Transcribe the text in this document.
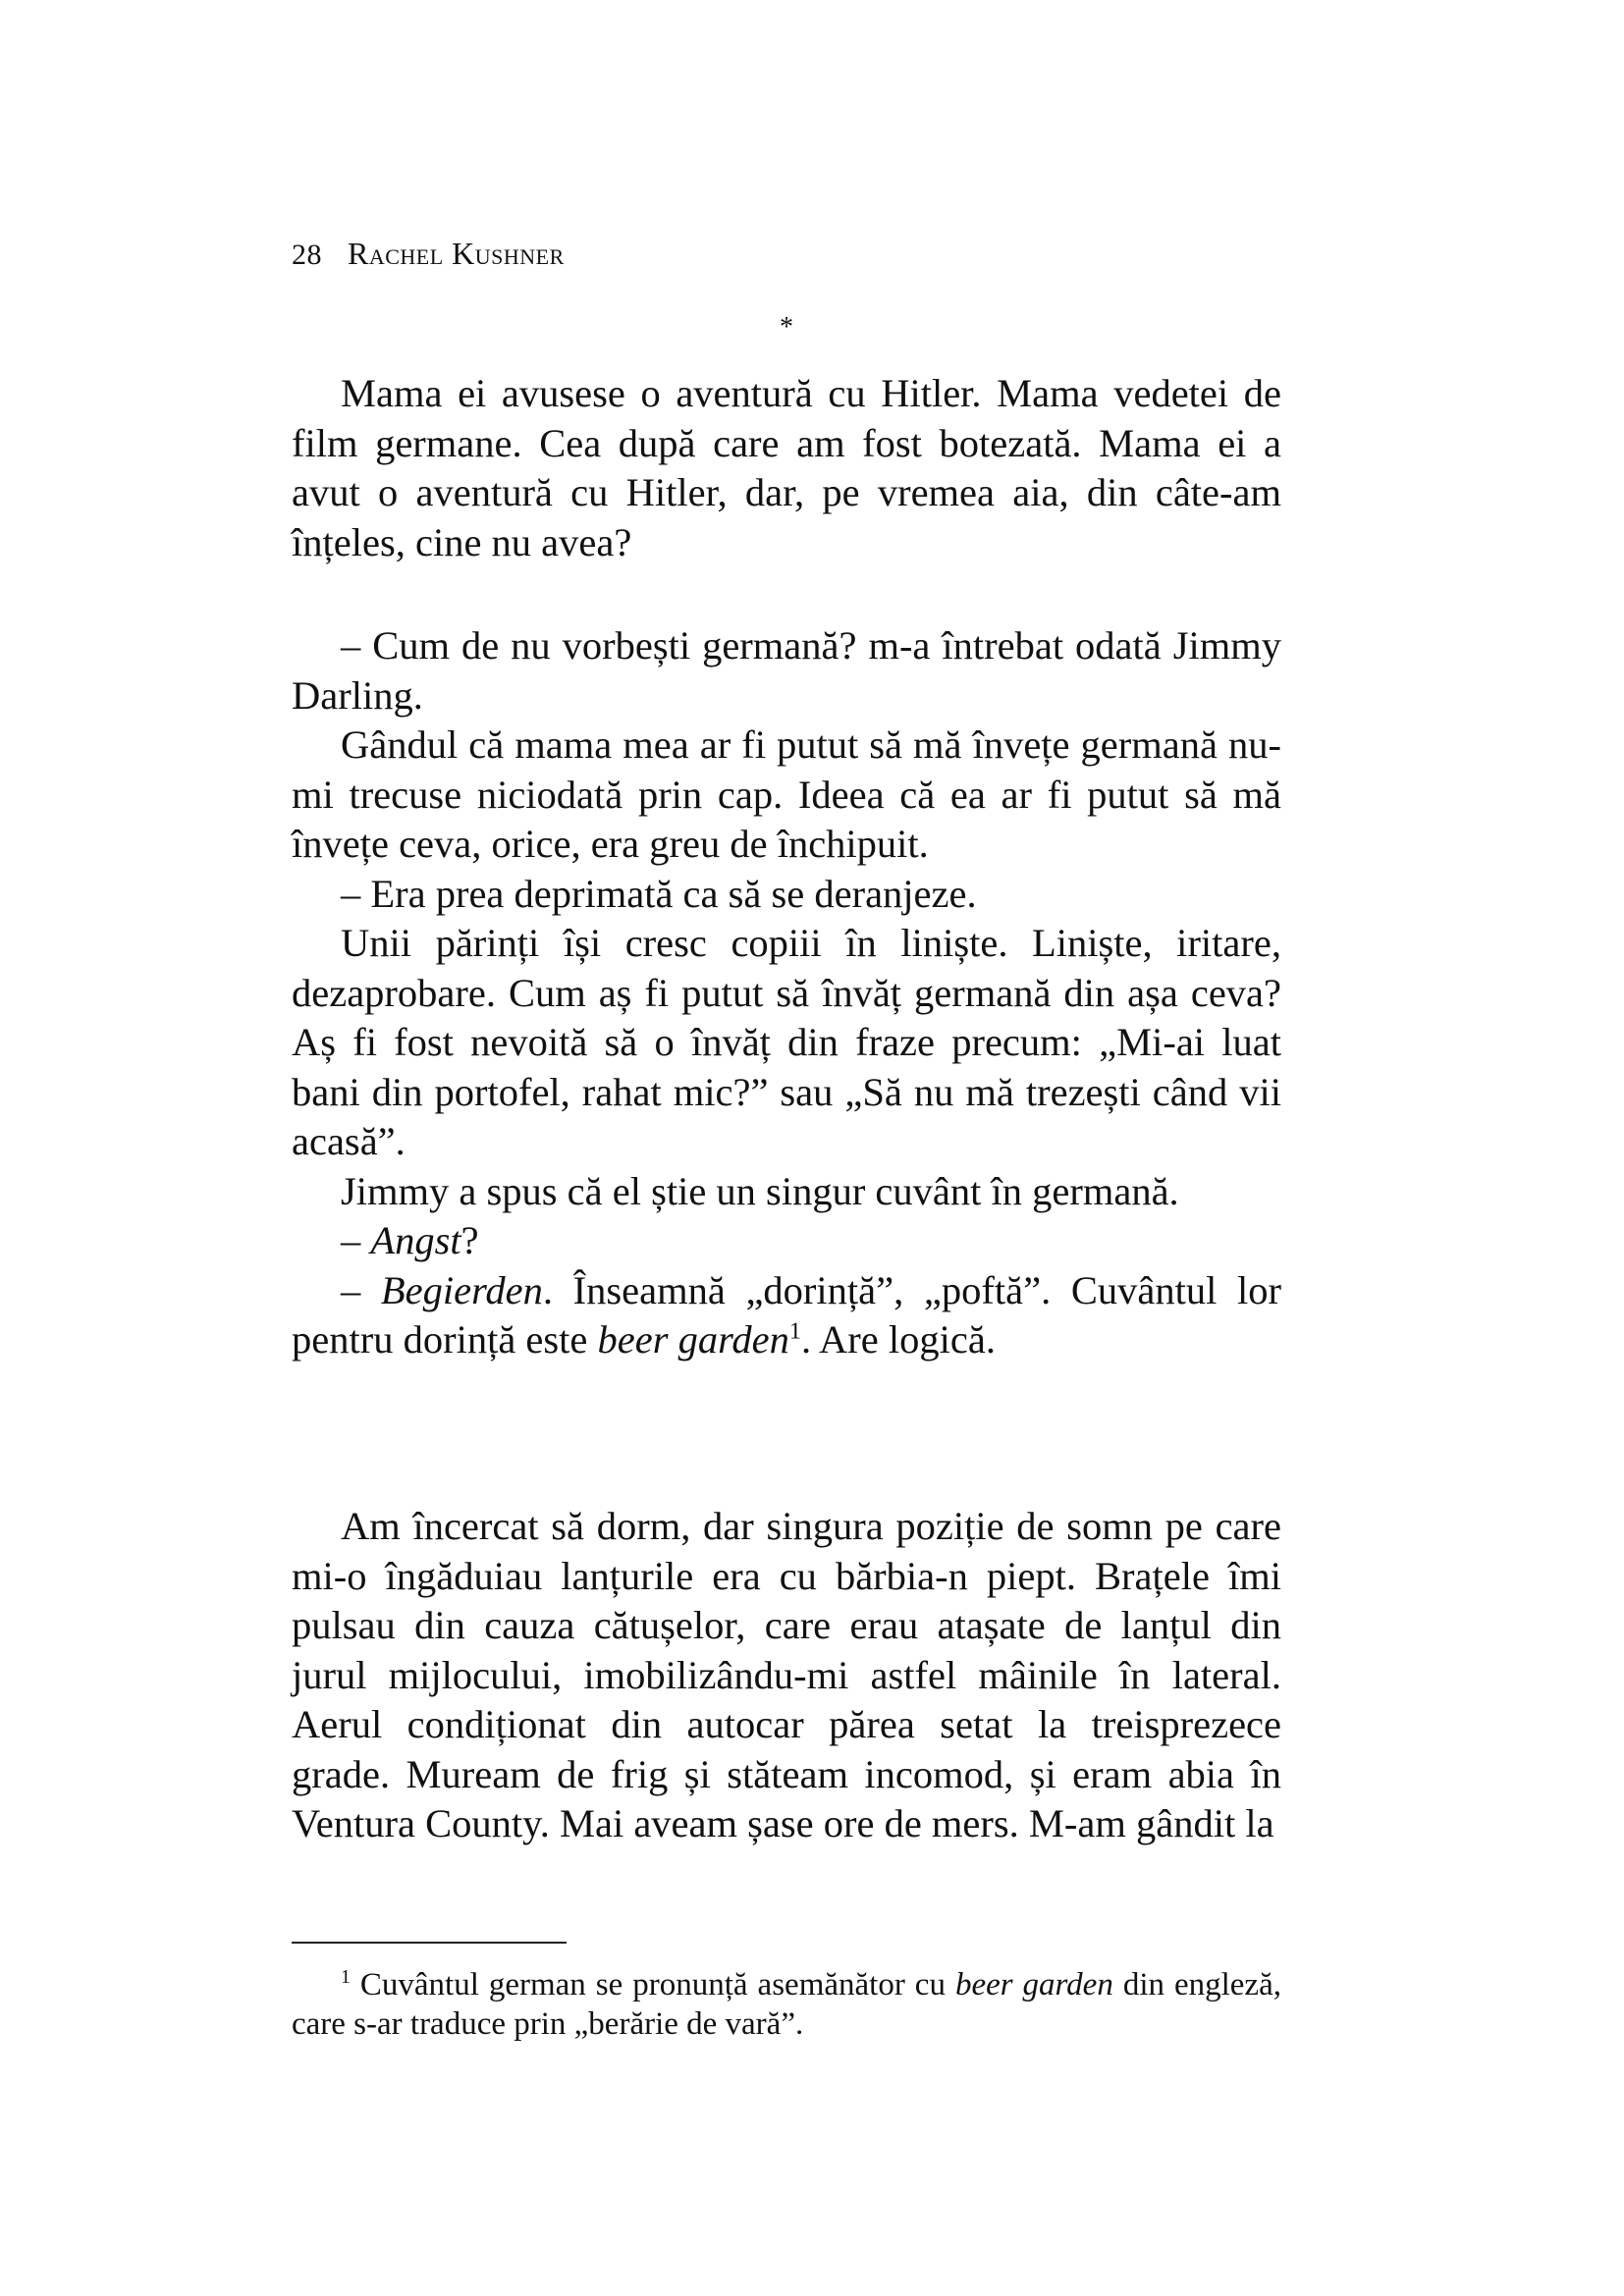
28 Rachel Kushner
*

Mama ei avusese o aventură cu Hitler. Mama vedetei de film germane. Cea după care am fost botezată. Mama ei a avut o aventură cu Hitler, dar, pe vremea aia, din câte-am înțeles, cine nu avea?

– Cum de nu vorbești germană? m-a întrebat odată Jimmy Darling.

Gândul că mama mea ar fi putut să mă învețe germană nu-mi trecuse niciodată prin cap. Ideea că ea ar fi putut să mă învețe ceva, orice, era greu de închipuit.

– Era prea deprimată ca să se deranjeze.

Unii părinți își cresc copiii în liniște. Liniște, iritare, dezaprobare. Cum aș fi putut să învăț germană din așa ceva? Aș fi fost nevoită să o învăț din fraze precum: „Mi-ai luat bani din portofel, rahat mic?” sau „Să nu mă trezești când vii acasă”.

Jimmy a spus că el știe un singur cuvânt în germană.

– Angst?

– Begierden. Înseamnă „dorință”, „poftă”. Cuvântul lor pentru dorință este beer garden$^1$. Are logică.

Am încercat să dorm, dar singura poziție de somn pe care mi-o îngăduiau lanțurile era cu bărbia-n piept. Brațele îmi pulsau din cauza cătușelor, care erau atașate de lanțul din jurul mijlocului, imobilizându-mi astfel mâinile în lateral. Aerul condiționat din autocar părea setat la treisprezece grade. Muream de frig și stăteam incomod, și eram abia în Ventura County. Mai aveam șase ore de mers. M-am gândit la

$^1$ Cuvântul german se pronunță asemănător cu beer garden din engleză, care s-ar traduce prin „berărie de vară”.
